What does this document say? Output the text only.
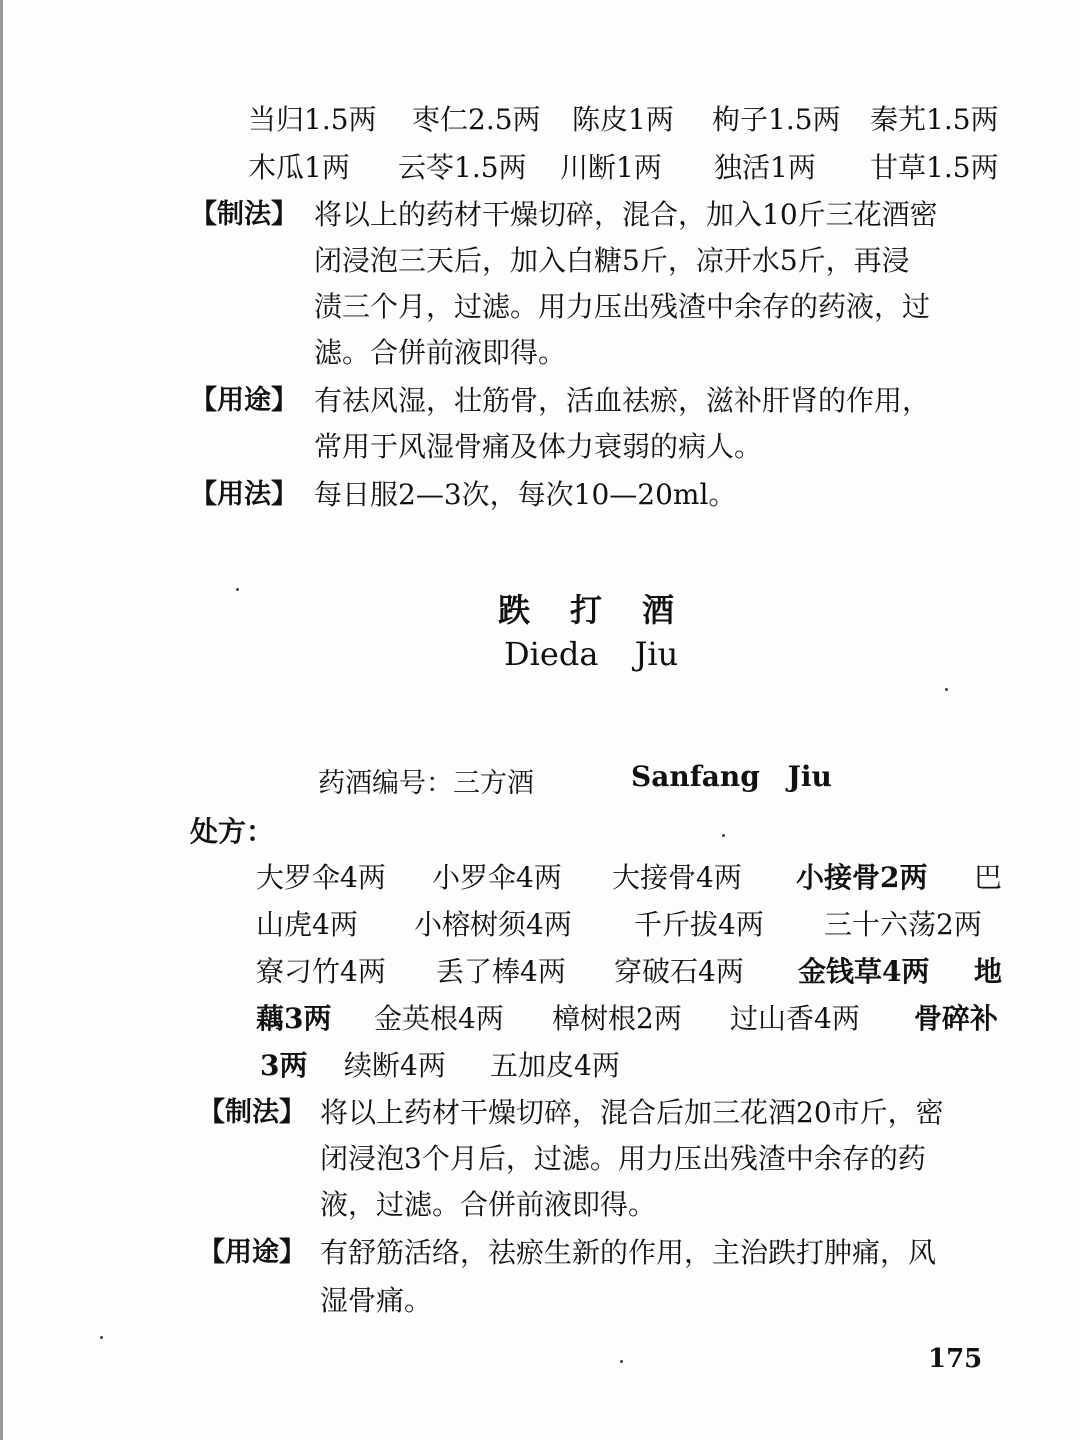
当归1.5两 枣仁2.5两 陈皮1两 枸子1.5两 秦艽1.5两
木瓜1两 云苓1.5两 川断1两 独活1两 甘草1.5两
【制法】 将以上的药材干燥切碎，混合，加入10斤三花酒密
闭浸泡三天后，加入白糖5斤，凉开水5斤，再浸
渍三个月，过滤。用力压出残渣中余存的药液，过
滤。合併前液即得。
【用途】 有祛风湿，壮筋骨，活血祛瘀，滋补肝肾的作用，
常用于风湿骨痛及体力衰弱的病人。
【用法】 每日服2—3次，每次10—20ml。
跌打酒
Dieda Jiu
药酒编号：三方酒	Sanfang Jiu
处方：
大罗伞4两 小罗伞4两 大接骨4两 小接骨2两 巴
山虎4两 小榕树须4两 千斤拔4两 三十六荡2两
寮刁竹4两 丢了棒4两 穿破石4两 金钱草4两 地
藕3两 金英根4两 樟树根2两 过山香4两 骨碎补
3两 续断4两 五加皮4两
【制法】 将以上药材干燥切碎，混合后加三花酒20市斤，密
闭浸泡3个月后，过滤。用力压出残渣中余存的药
液，过滤。合併前液即得。
【用途】 有舒筋活络，祛瘀生新的作用，主治跌打肿痛，风
湿骨痛。
175
